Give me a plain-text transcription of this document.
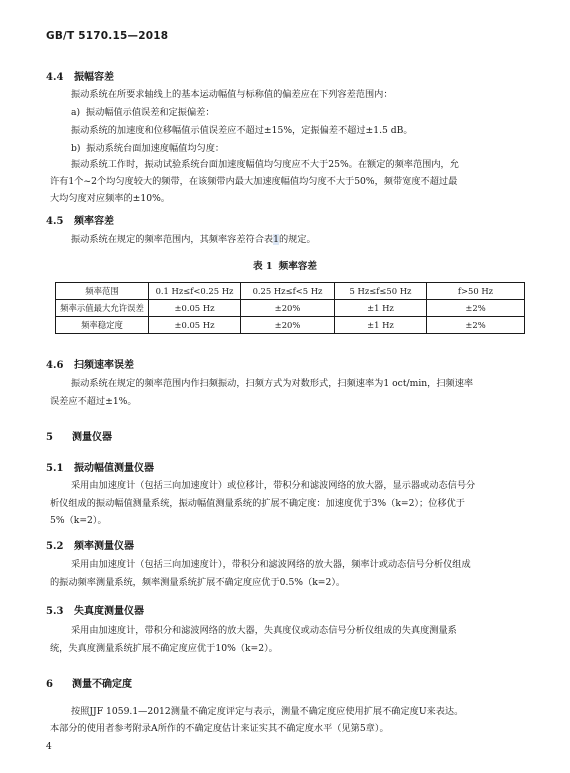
GB/T 5170.15—2018
4.4 振幅容差
振动系统在所要求轴线上的基本运动幅值与标称值的偏差应在下列容差范围内：
a)  振动幅值示值误差和定振偏差：
振动系统的加速度和位移幅值示值误差应不超过±15%，定振偏差不超过±1.5 dB。
b)  振动系统台面加速度幅值均匀度：
振动系统工作时，振动试验系统台面加速度幅值均匀度应不大于25%。在额定的频率范围内，允
许有1个~2个均匀度较大的频带，在该频带内最大加速度幅值均匀度不大于50%，频带宽度不超过最
大均匀度对应频率的±10%。
4.5 频率容差
振动系统在规定的频率范围内，其频率容差符合表1的规定。
表 1 频率容差
频率范围	0.1 Hz≤f<0.25 Hz	0.25 Hz≤f<5 Hz	5 Hz≤f≤50 Hz	f>50 Hz
频率示值最大允许误差	±0.05 Hz	±20%	±1 Hz	±2%
频率稳定度	±0.05 Hz	±20%	±1 Hz	±2%
4.6 扫频速率误差
振动系统在规定的频率范围内作扫频振动，扫频方式为对数形式，扫频速率为1 oct/min，扫频速率
误差应不超过±1%。
5 测量仪器
5.1 振动幅值测量仪器
采用由加速度计（包括三向加速度计）或位移计，带积分和滤波网络的放大器，显示器或动态信号分
析仪组成的振动幅值测量系统，振动幅值测量系统的扩展不确定度：加速度优于3%（k=2）；位移优于
5%（k=2）。
5.2 频率测量仪器
采用由加速度计（包括三向加速度计），带积分和滤波网络的放大器，频率计或动态信号分析仪组成
的振动频率测量系统，频率测量系统扩展不确定度应优于0.5%（k=2）。
5.3 失真度测量仪器
采用由加速度计，带积分和滤波网络的放大器，失真度仪或动态信号分析仪组成的失真度测量系
统，失真度测量系统扩展不确定度应优于10%（k=2）。
6 测量不确定度
按照JJF 1059.1—2012测量不确定度评定与表示，测量不确定度应使用扩展不确定度U来表达。
本部分的使用者参考附录A所作的不确定度估计来证实其不确定度水平（见第5章）。
4
